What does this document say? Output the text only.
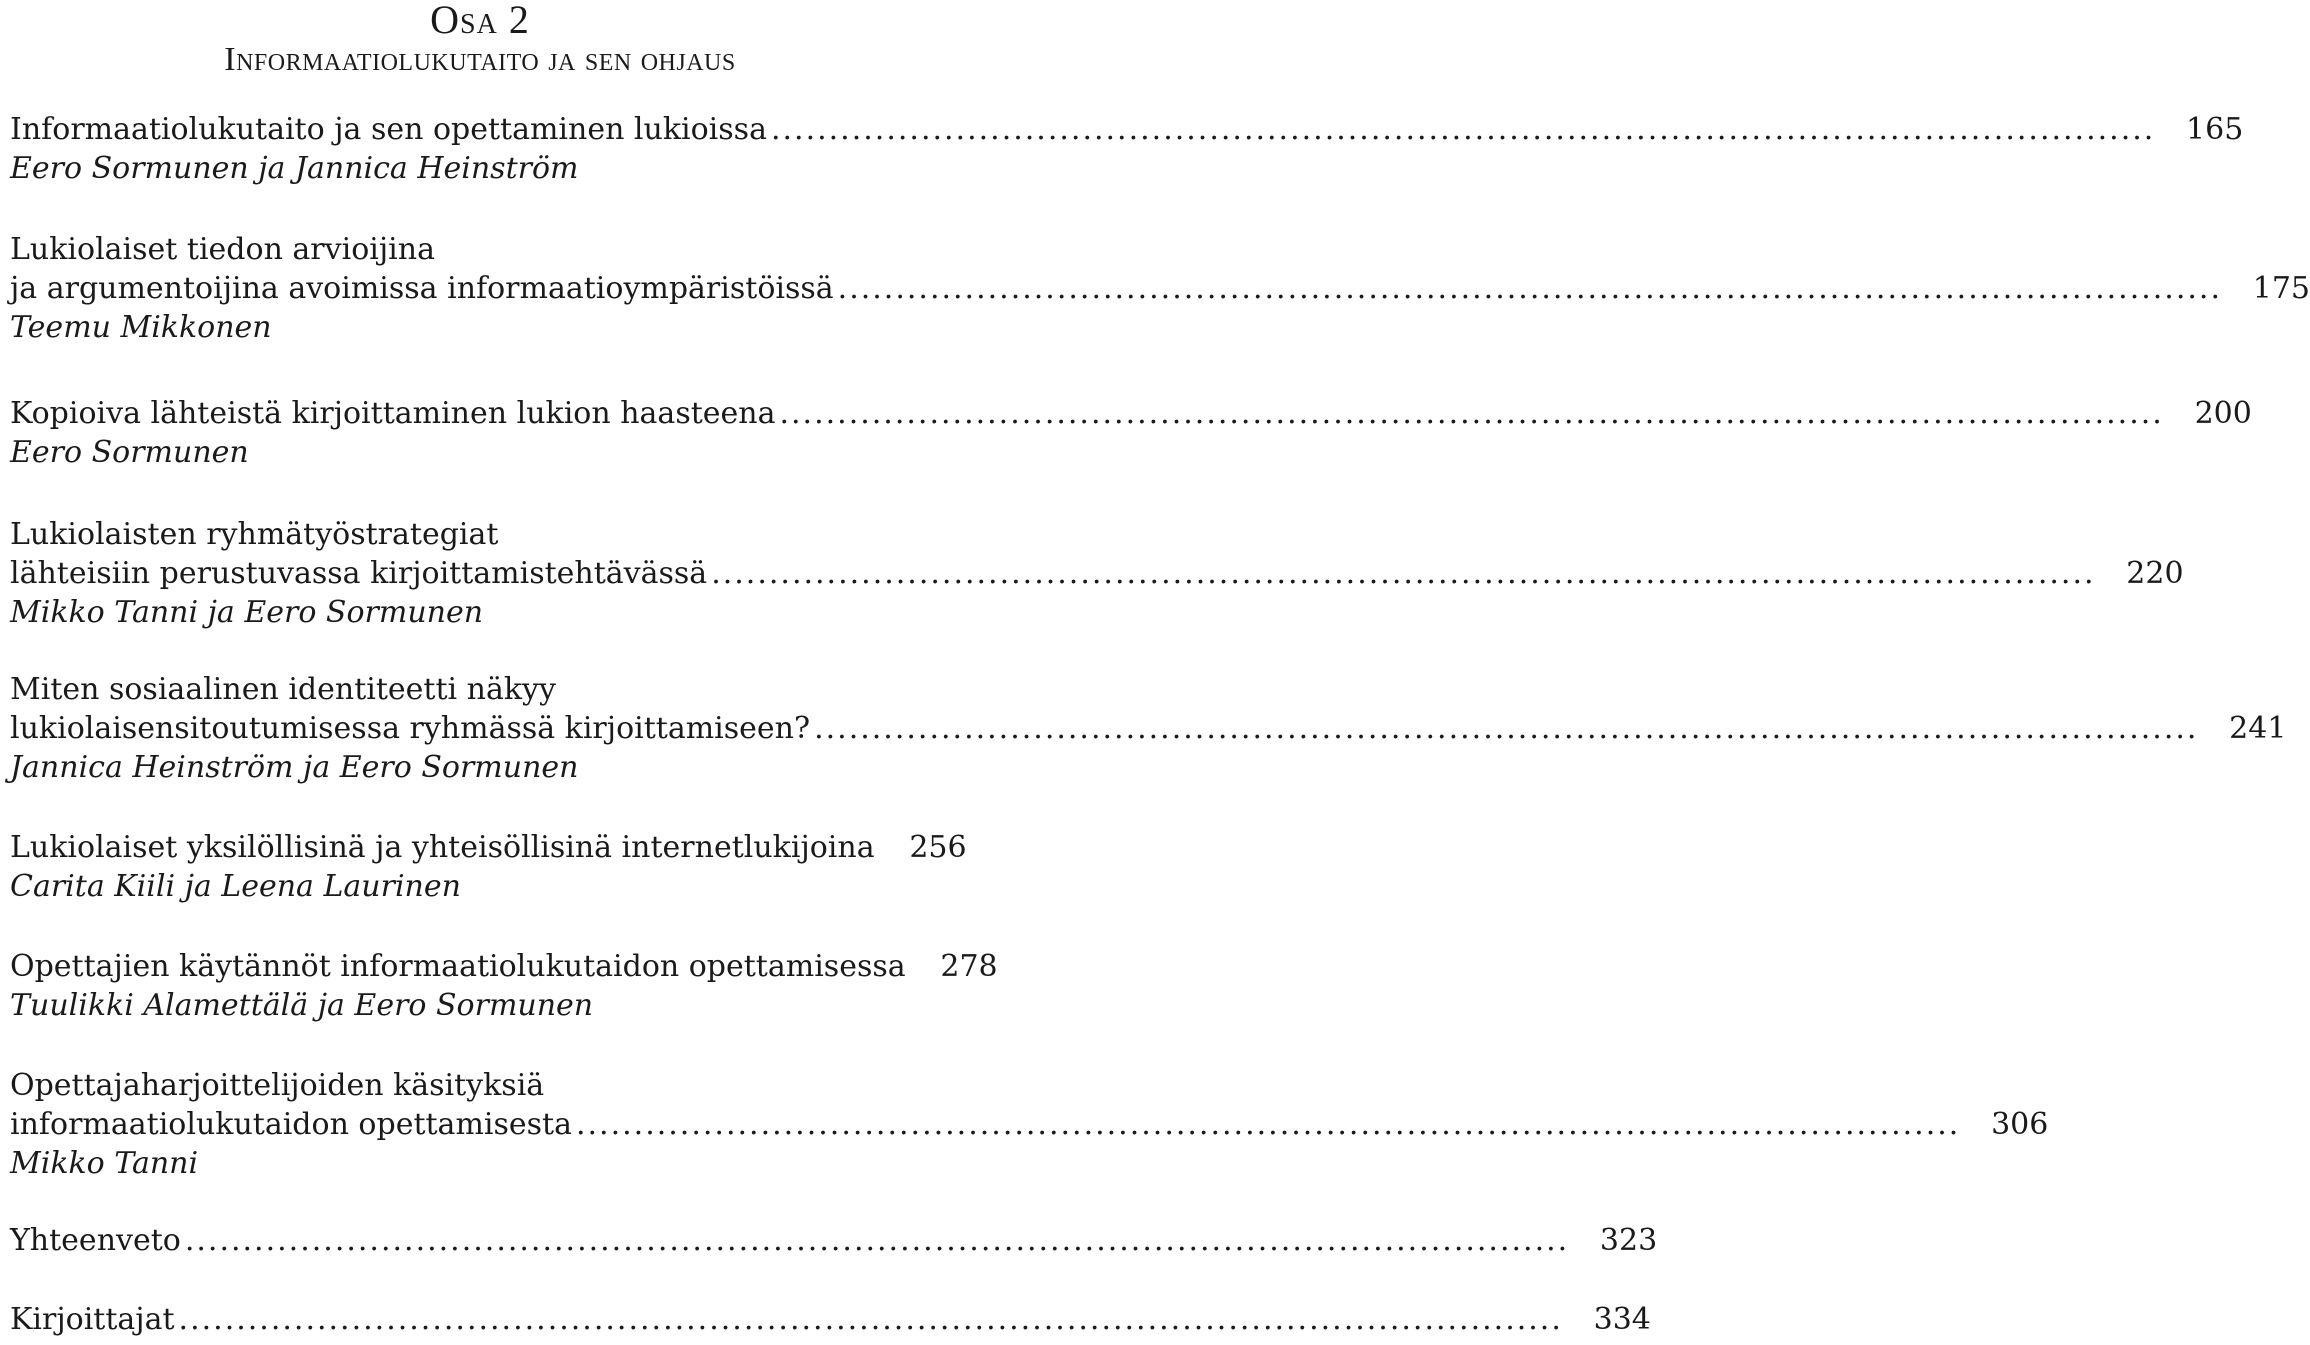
Osa 2
Informaatiolukutaito ja sen ohjaus
Informaatiolukutaito ja sen opettaminen lukioissa ........................................................................................................................ 165
Eero Sormunen ja Jannica Heinström
Lukiolaiset tiedon arvioijina
ja argumentoijina avoimissa informaatioympäristöissä ........................................................................................................................ 175
Teemu Mikkonen
Kopioiva lähteistä kirjoittaminen lukion haasteena ........................................................................................................................ 200
Eero Sormunen
Lukiolaisten ryhmätyöstrategiat
lähteisiin perustuvassa kirjoittamistehtävässä ........................................................................................................................ 220
Mikko Tanni ja Eero Sormunen
Miten sosiaalinen identiteetti näkyy
lukiolaisensitoutumisessa ryhmässä kirjoittamiseen? ........................................................................................................................ 241
Jannica Heinström ja Eero Sormunen
Lukiolaiset yksilöllisinä ja yhteisöllisinä internetlukijoina 256
Carita Kiili ja Leena Laurinen
Opettajien käytännöt informaatiolukutaidon opettamisessa 278
Tuulikki Alamettälä ja Eero Sormunen
Opettajaharjoittelijoiden käsityksiä
informaatiolukutaidon opettamisesta ........................................................................................................................ 306
Mikko Tanni
Yhteenveto ........................................................................................................................ 323
Kirjoittajat ........................................................................................................................ 334
